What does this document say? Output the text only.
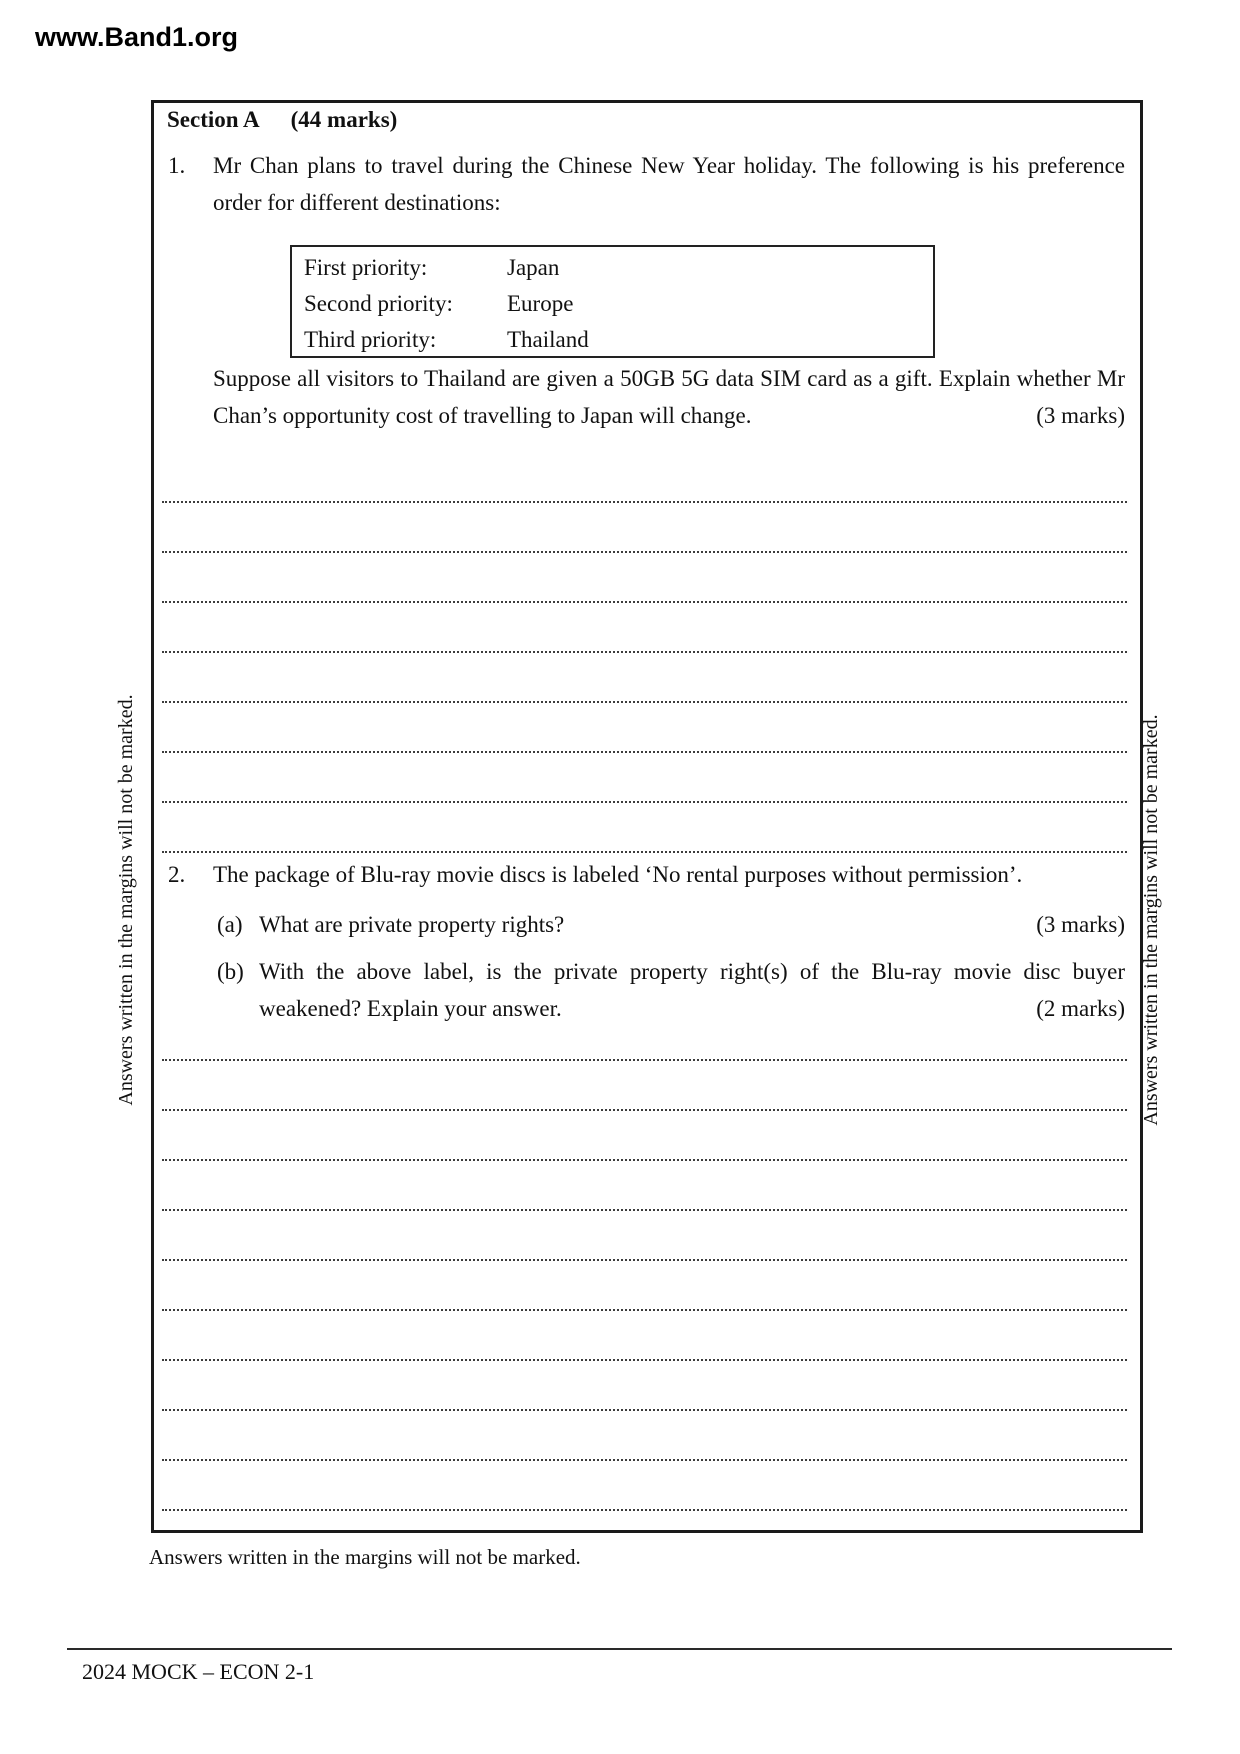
www.Band1.org
Answers written in the margins will not be marked.	Answers written in the margins will not be marked.
Section A (44 marks)
1.	Mr Chan plans to travel during the Chinese New Year holiday. The following is his preference order for different destinations:
First priority:	Japan
Second priority:	Europe
Third priority:	Thailand
Suppose all visitors to Thailand are given a 50GB 5G data SIM card as a gift. Explain whether Mr Chan’s opportunity cost of travelling to Japan will change.	(3 marks)
2.	The package of Blu-ray movie discs is labeled ‘No rental purposes without permission’.
(a) What are private property rights?	(3 marks)
(b) With the above label, is the private property right(s) of the Blu-ray movie disc buyer weakened? Explain your answer.	(2 marks)
Answers written in the margins will not be marked.
2024 MOCK – ECON 2-1
